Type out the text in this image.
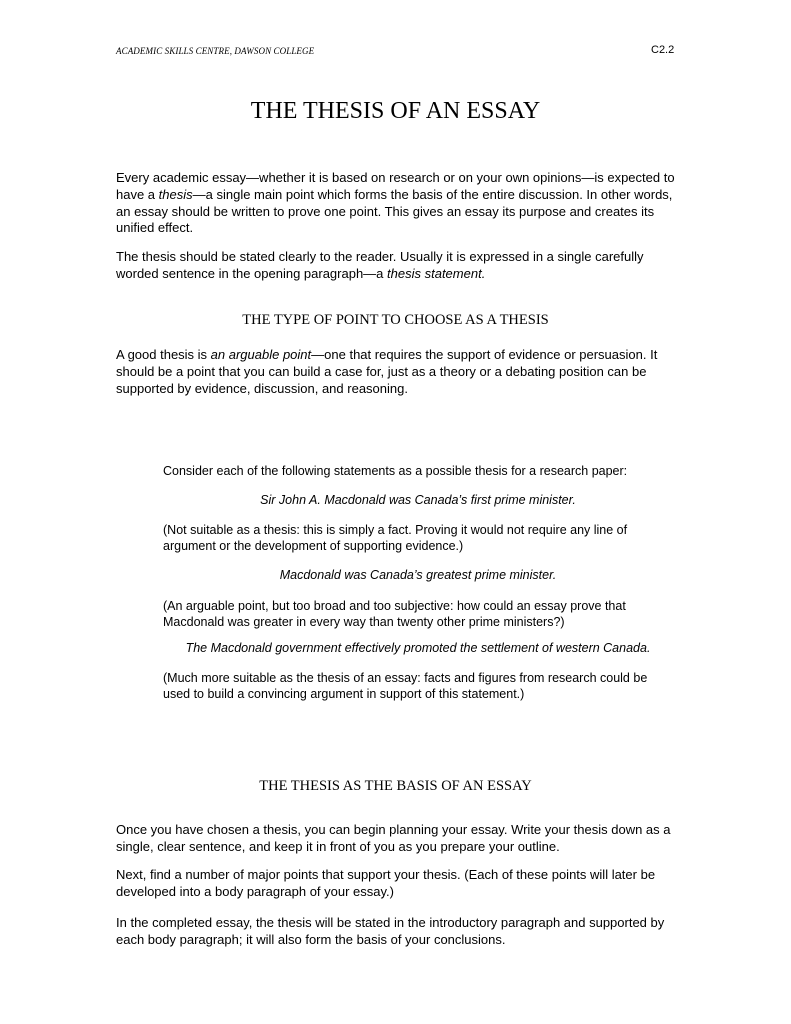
ACADEMIC SKILLS CENTRE, DAWSON COLLEGE	C2.2
THE THESIS OF AN ESSAY

Every academic essay—whether it is based on research or on your own opinions—is expected to have a thesis—a single main point which forms the basis of the entire discussion. In other words, an essay should be written to prove one point. This gives an essay its purpose and creates its unified effect.

The thesis should be stated clearly to the reader. Usually it is expressed in a single carefully worded sentence in the opening paragraph—a thesis statement.

THE TYPE OF POINT TO CHOOSE AS A THESIS

A good thesis is an arguable point—one that requires the support of evidence or persuasion. It should be a point that you can build a case for, just as a theory or a debating position can be supported by evidence, discussion, and reasoning.

Consider each of the following statements as a possible thesis for a research paper:

Sir John A. Macdonald was Canada’s first prime minister.

(Not suitable as a thesis: this is simply a fact. Proving it would not require any line of argument or the development of supporting evidence.)

Macdonald was Canada’s greatest prime minister.

(An arguable point, but too broad and too subjective: how could an essay prove that Macdonald was greater in every way than twenty other prime ministers?)

The Macdonald government effectively promoted the settlement of western Canada.

(Much more suitable as the thesis of an essay: facts and figures from research could be used to build a convincing argument in support of this statement.)

THE THESIS AS THE BASIS OF AN ESSAY

Once you have chosen a thesis, you can begin planning your essay. Write your thesis down as a single, clear sentence, and keep it in front of you as you prepare your outline.

Next, find a number of major points that support your thesis. (Each of these points will later be developed into a body paragraph of your essay.)

In the completed essay, the thesis will be stated in the introductory paragraph and supported by each body paragraph; it will also form the basis of your conclusions.
